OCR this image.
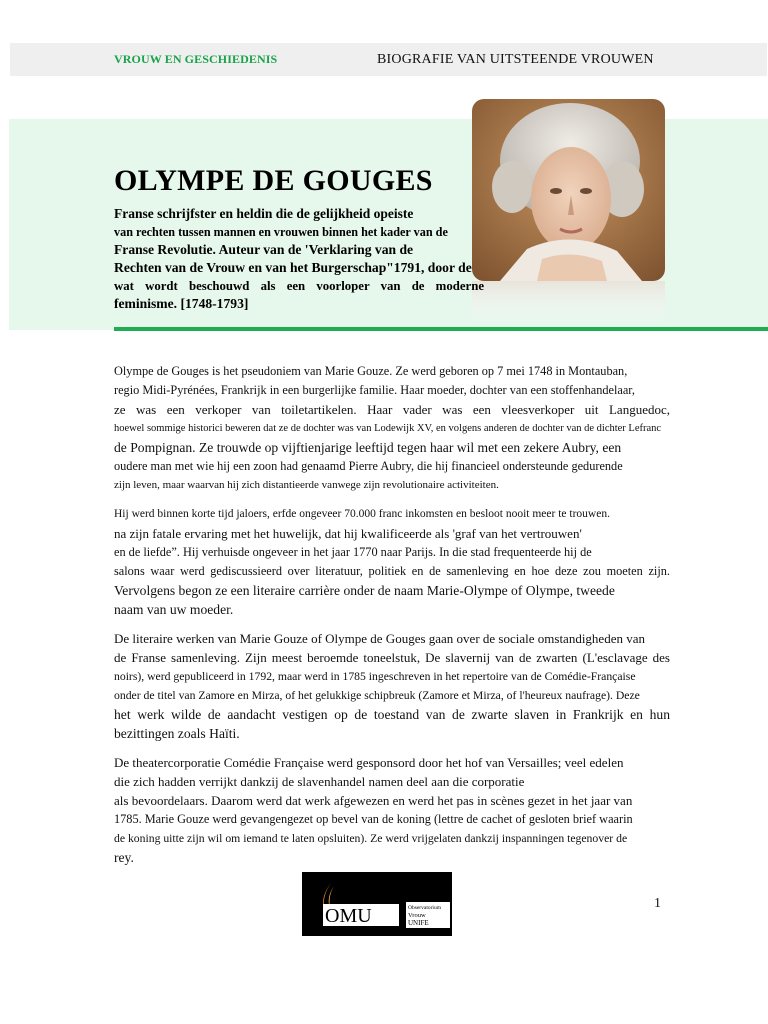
VROUW EN GESCHIEDENIS	BIOGRAFIE VAN UITSTEENDE VROUWEN
OLYMPE DE GOUGES
Franse schrijfster en heldin die de gelijkheid opeiste
van rechten tussen mannen en vrouwen binnen het kader van de
Franse Revolutie. Auteur van de 'Verklaring van de
Rechten van de Vrouw en van het Burgerschap"1791, door de
wat wordt beschouwd als een voorloper van de moderne
feminisme. [1748-1793]

Olympe de Gouges is het pseudoniem van Marie Gouze. Ze werd geboren op 7 mei 1748 in Montauban,
regio Midi-Pyrénées, Frankrijk in een burgerlijke familie. Haar moeder, dochter van een stoffenhandelaar,
ze was een verkoper van toiletartikelen. Haar vader was een vleesverkoper uit Languedoc,
hoewel sommige historici beweren dat ze de dochter was van Lodewijk XV, en volgens anderen de dochter van de dichter Lefranc
de Pompignan. Ze trouwde op vijftienjarige leeftijd tegen haar wil met een zekere Aubry, een
oudere man met wie hij een zoon had genaamd Pierre Aubry, die hij financieel ondersteunde gedurende
zijn leven, maar waarvan hij zich distantieerde vanwege zijn revolutionaire activiteiten.

Hij werd binnen korte tijd jaloers, erfde ongeveer 70.000 franc inkomsten en besloot nooit meer te trouwen.
na zijn fatale ervaring met het huwelijk, dat hij kwalificeerde als 'graf van het vertrouwen'
en de liefde”. Hij verhuisde ongeveer in het jaar 1770 naar Parijs. In die stad frequenteerde hij de
salons waar werd gediscussieerd over literatuur, politiek en de samenleving en hoe deze zou moeten zijn.
Vervolgens begon ze een literaire carrière onder de naam Marie-Olympe of Olympe, tweede
naam van uw moeder.

De literaire werken van Marie Gouze of Olympe de Gouges gaan over de sociale omstandigheden van
de Franse samenleving. Zijn meest beroemde toneelstuk, De slavernij van de zwarten (L'esclavage des
noirs), werd gepubliceerd in 1792, maar werd in 1785 ingeschreven in het repertoire van de Comédie-Française
onder de titel van Zamore en Mirza, of het gelukkige schipbreuk (Zamore et Mirza, of l'heureux naufrage). Deze
het werk wilde de aandacht vestigen op de toestand van de zwarte slaven in Frankrijk en hun
bezittingen zoals Haïti.

De theatercorporatie Comédie Française werd gesponsord door het hof van Versailles; veel edelen
die zich hadden verrijkt dankzij de slavenhandel namen deel aan die corporatie
als bevoordelaars. Daarom werd dat werk afgewezen en werd het pas in scènes gezet in het jaar van
1785. Marie Gouze werd gevangengezet op bevel van de koning (lettre de cachet of gesloten brief waarin
de koning uitte zijn wil om iemand te laten opsluiten). Ze werd vrijgelaten dankzij inspanningen tegenover de
rey.

OMU	Observatorium
Vrouw
UNIFE
1
